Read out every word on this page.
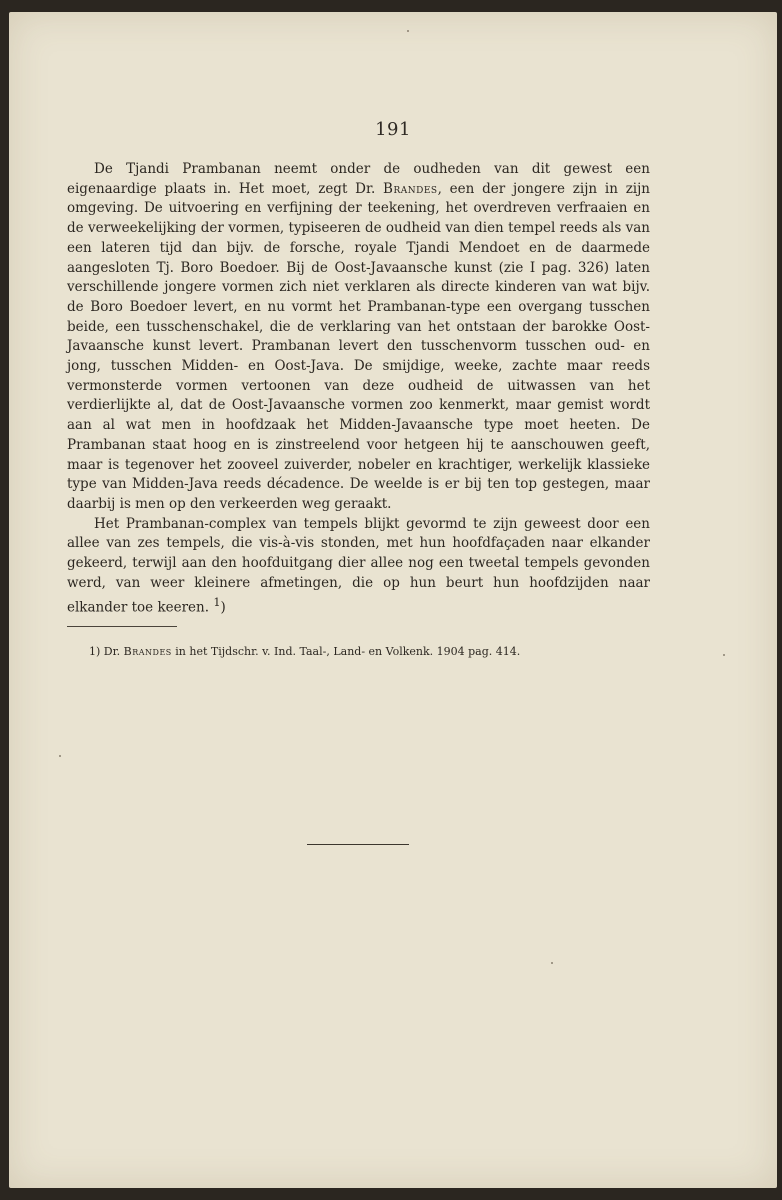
191

De Tjandi Prambanan neemt onder de oudheden van dit gewest een eigenaardige plaats in. Het moet, zegt Dr. Brandes, een der jongere zijn in zijn omgeving. De uitvoering en verfijning der teekening, het overdreven verfraaien en de verweekelijking der vormen, typiseeren de oudheid van dien tempel reeds als van een lateren tijd dan bijv. de forsche, royale Tjandi Mendoet en de daarmede aangesloten Tj. Boro Boedoer. Bij de Oost-Javaansche kunst (zie I pag. 326) laten verschillende jongere vormen zich niet verklaren als directe kinderen van wat bijv. de Boro Boedoer levert, en nu vormt het Prambanan-type een overgang tusschen beide, een tusschenschakel, die de verklaring van het ontstaan der barokke Oost-Javaansche kunst levert. Prambanan levert den tusschenvorm tusschen oud- en jong, tusschen Midden- en Oost-Java. De smijdige, weeke, zachte maar reeds vermonsterde vormen vertoonen van deze oudheid de uitwassen van het verdierlijkte al, dat de Oost-Javaansche vormen zoo kenmerkt, maar gemist wordt aan al wat men in hoofdzaak het Midden-Javaansche type moet heeten. De Prambanan staat hoog en is zinstreelend voor hetgeen hij te aanschouwen geeft, maar is tegenover het zooveel zuiverder, nobeler en krachtiger, werkelijk klassieke type van Midden-Java reeds décadence. De weelde is er bij ten top gestegen, maar daarbij is men op den verkeerden weg geraakt.

Het Prambanan-complex van tempels blijkt gevormd te zijn geweest door een allee van zes tempels, die vis-à-vis stonden, met hun hoofdfaçaden naar elkander gekeerd, terwijl aan den hoofduitgang dier allee nog een tweetal tempels gevonden werd, van weer kleinere afmetingen, die op hun beurt hun hoofdzijden naar elkander toe keeren. $^1$)

1) Dr. Brandes in het Tijdschr. v. Ind. Taal-, Land- en Volkenk. 1904 pag. 414.
